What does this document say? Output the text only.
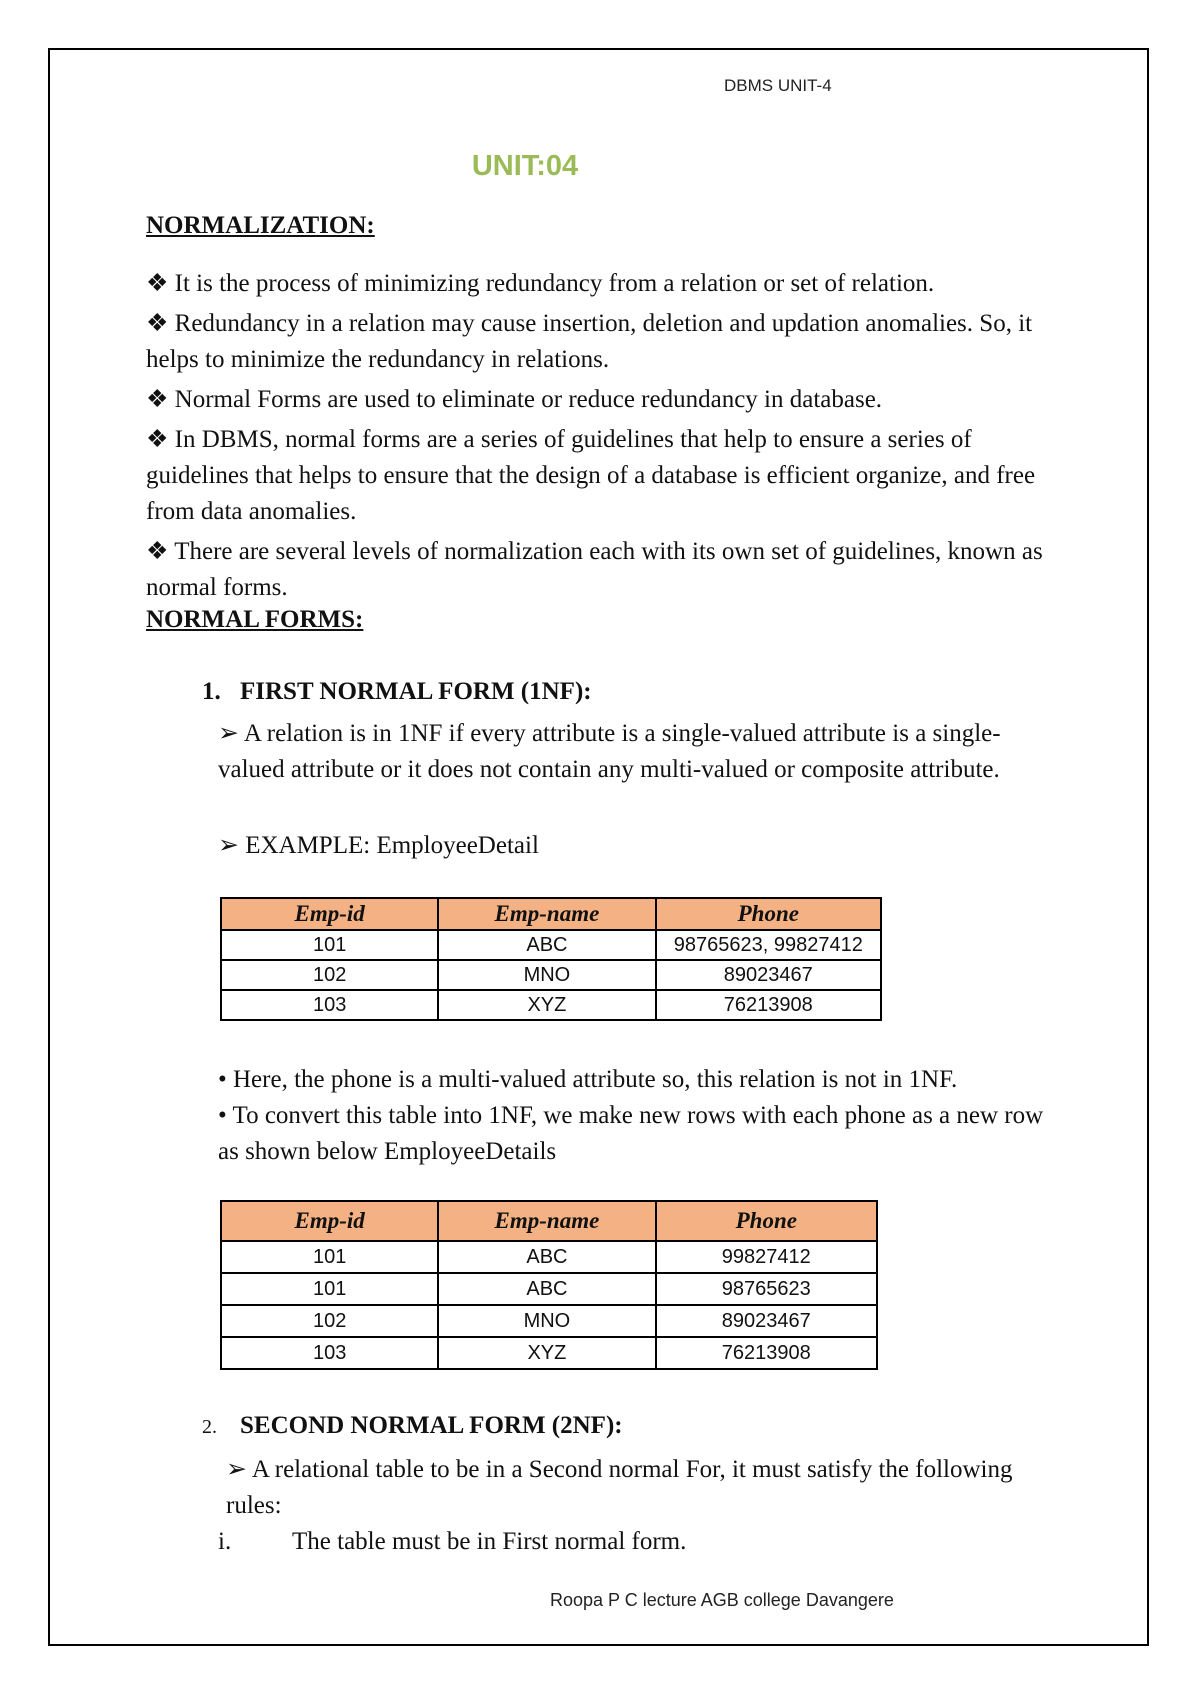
DBMS UNIT-4
UNIT:04
NORMALIZATION:
❖ It is the process of minimizing redundancy from a relation or set of relation.
❖ Redundancy in a relation may cause insertion, deletion and updation anomalies. So, it helps to minimize the redundancy in relations.
❖ Normal Forms are used to eliminate or reduce redundancy in database.
❖ In DBMS, normal forms are a series of guidelines that help to ensure a series of guidelines that helps to ensure that the design of a database is efficient organize, and free from data anomalies.
❖ There are several levels of normalization each with its own set of guidelines, known as normal forms.
NORMAL FORMS:
1. FIRST NORMAL FORM (1NF):
➢ A relation is in 1NF if every attribute is a single-valued attribute is a single-valued attribute or it does not contain any multi-valued or composite attribute.
➢ EXAMPLE: EmployeeDetail
Emp-id	Emp-name	Phone
101	ABC	98765623, 99827412
102	MNO	89023467
103	XYZ	76213908
• Here, the phone is a multi-valued attribute so, this relation is not in 1NF.
• To convert this table into 1NF, we make new rows with each phone as a new row as shown below EmployeeDetails
Emp-id	Emp-name	Phone
101	ABC	99827412
101	ABC	98765623
102	MNO	89023467
103	XYZ	76213908
2. SECOND NORMAL FORM (2NF):
➢ A relational table to be in a Second normal For, it must satisfy the following rules:
i.	The table must be in First normal form.
Roopa P C lecture AGB college Davangere
